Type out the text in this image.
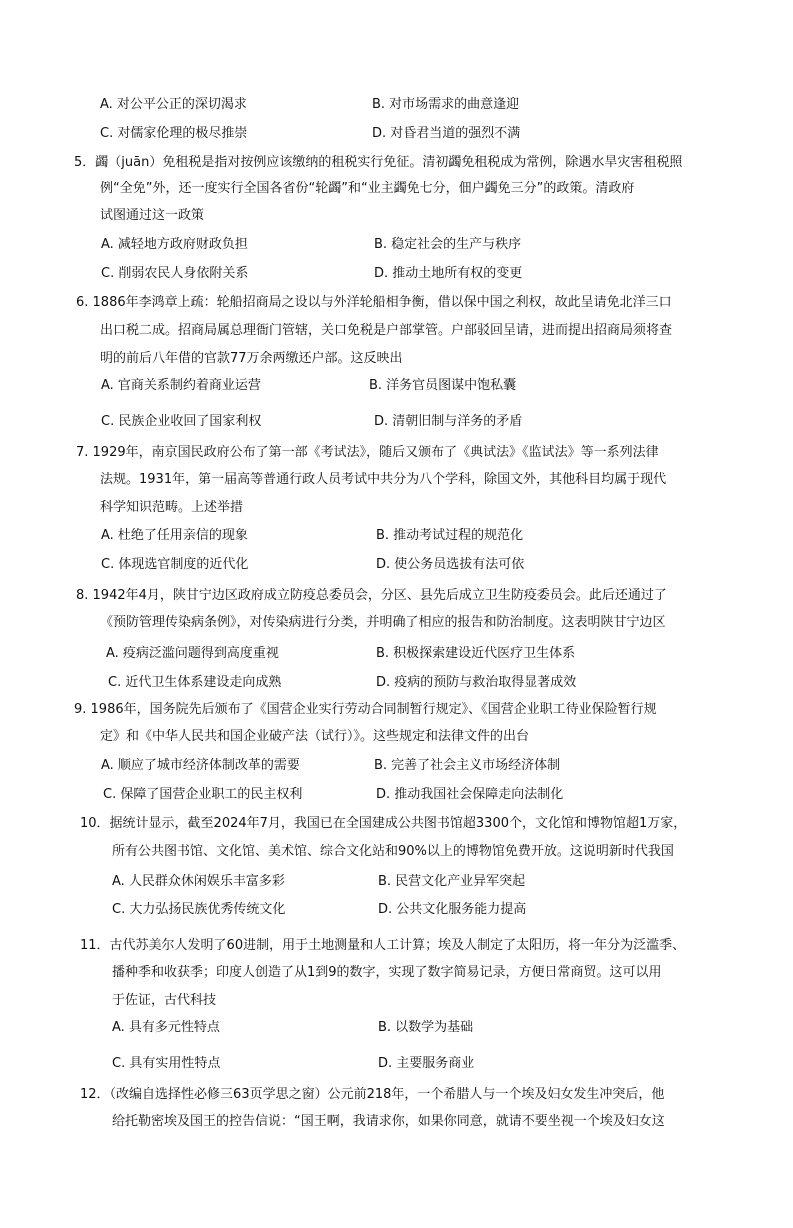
A. 对公平公正的深切渴求	B. 对市场需求的曲意逢迎
C. 对儒家伦理的极尽推崇	D. 对昏君当道的强烈不满
5．蠲（juān）免租税是指对按例应该缴纳的租税实行免征。清初蠲免租税成为常例，除遇水旱灾害租税照
例“全免”外，还一度实行全国各省份“轮蠲”和“业主蠲免七分，佃户蠲免三分”的政策。清政府
试图通过这一政策
A. 减轻地方政府财政负担	B. 稳定社会的生产与秩序
C. 削弱农民人身依附关系	D. 推动土地所有权的变更
6. 1886年李鸿章上疏：轮船招商局之设以与外洋轮船相争衡，借以保中国之利权，故此呈请免北洋三口
出口税二成。招商局属总理衙门管辖，关口免税是户部掌管。户部驳回呈请，进而提出招商局须将查
明的前后八年借的官款77万余两缴还户部。这反映出
A. 官商关系制约着商业运营	B. 洋务官员图谋中饱私囊
C. 民族企业收回了国家利权	D. 清朝旧制与洋务的矛盾
7. 1929年，南京国民政府公布了第一部《考试法》，随后又颁布了《典试法》《监试法》等一系列法律
法规。1931年，第一届高等普通行政人员考试中共分为八个学科，除国文外，其他科目均属于现代
科学知识范畴。上述举措
A. 杜绝了任用亲信的现象	B. 推动考试过程的规范化
C. 体现选官制度的近代化	D. 使公务员选拔有法可依
8. 1942年4月，陕甘宁边区政府成立防疫总委员会，分区、县先后成立卫生防疫委员会。此后还通过了
《预防管理传染病条例》，对传染病进行分类，并明确了相应的报告和防治制度。这表明陕甘宁边区
A. 疫病泛滥问题得到高度重视	B. 积极探索建设近代医疗卫生体系
C. 近代卫生体系建设走向成熟	D. 疫病的预防与救治取得显著成效
9. 1986年，国务院先后颁布了《国营企业实行劳动合同制暂行规定》、《国营企业职工待业保险暂行规
定》和《中华人民共和国企业破产法（试行）》。这些规定和法律文件的出台
A. 顺应了城市经济体制改革的需要	B. 完善了社会主义市场经济体制
C. 保障了国营企业职工的民主权利	D. 推动我国社会保障走向法制化
10．据统计显示，截至2024年7月，我国已在全国建成公共图书馆超3300个，文化馆和博物馆超1万家，
所有公共图书馆、文化馆、美术馆、综合文化站和90%以上的博物馆免费开放。这说明新时代我国
A. 人民群众休闲娱乐丰富多彩	B. 民营文化产业异军突起
C. 大力弘扬民族优秀传统文化	D. 公共文化服务能力提高
11．古代苏美尔人发明了60进制，用于土地测量和人工计算；埃及人制定了太阳历，将一年分为泛滥季、
播种季和收获季；印度人创造了从1到9的数字，实现了数字简易记录，方便日常商贸。这可以用
于佐证，古代科技
A. 具有多元性特点	B. 以数学为基础
C. 具有实用性特点	D. 主要服务商业
12．（改编自选择性必修三63页学思之窗）公元前218年，一个希腊人与一个埃及妇女发生冲突后，他
给托勒密埃及国王的控告信说：“国王啊，我请求你，如果你同意，就请不要坐视一个埃及妇女这
